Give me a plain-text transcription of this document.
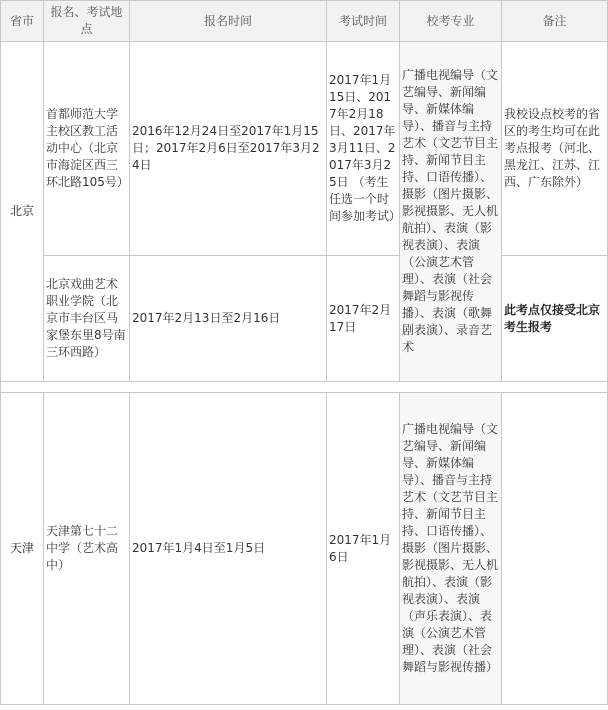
省市	报名、考试地点	报名时间	考试时间	校考专业	备注
北京	首都师范大学主校区教工活动中心（北京市海淀区西三环北路105号）	2016年12月24日至2017年1月15日；2017年2月6日至2017年3月24日	2017年1月15日、2017年2月18日、2017年3月11日、2017年3月25日 （考生任选一个时间参加考试）	广播电视编导（文艺编导、新闻编导、新媒体编导）、播音与主持艺术（文艺节目主持、新闻节目主持、口语传播）、摄影（图片摄影、影视摄影、无人机航拍）、表演（影视表演）、表演（公演艺术管理）、表演（社会舞蹈与影视传播）、表演（歌舞剧表演）、录音艺术	我校设点校考的省区的考生均可在此考点报考（河北、黑龙江、江苏、江西、广东除外）
	北京戏曲艺术职业学院（北京市丰台区马家堡东里8号南三环西路）	2017年2月13日至2月16日	2017年2月17日		此考点仅接受北京考生报考

天津	天津第七十二中学（艺术高中）	2017年1月4日至1月5日	2017年1月6日	广播电视编导（文艺编导、新闻编导、新媒体编导）、播音与主持艺术（文艺节目主持、新闻节目主持、口语传播）、摄影（图片摄影、影视摄影、无人机航拍）、表演（影视表演）、表演（声乐表演）、表演（公演艺术管理）、表演（社会舞蹈与影视传播）	
